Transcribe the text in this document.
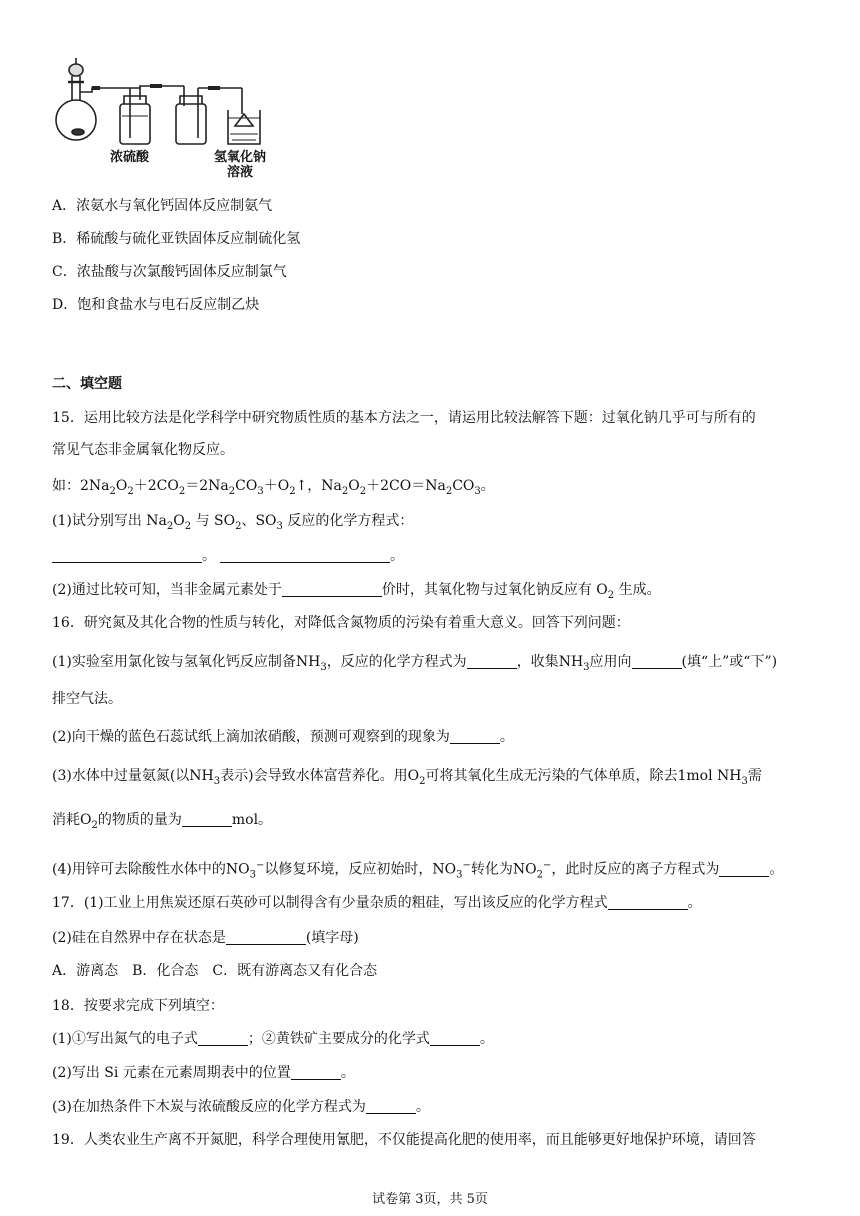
浓硫酸	氢氧化钠
溶液
A．浓氨水与氧化钙固体反应制氨气
B．稀硫酸与硫化亚铁固体反应制硫化氢
C．浓盐酸与次氯酸钙固体反应制氯气
D．饱和食盐水与电石反应制乙炔
二、填空题
15．运用比较方法是化学科学中研究物质性质的基本方法之一，请运用比较法解答下题：过氧化钠几乎可与所有的
常见气态非金属氧化物反应。
如：$2Na_2O_2+2CO_2=2Na_2CO_3+O_2↑$，$Na_2O_2+2CO=Na_2CO_3$。
(1)试分别写出 $Na_2O_2$ 与 $SO_2$、$SO_3$ 反应的化学方程式：
。	。
(2)通过比较可知，当非金属元素处于	价时，其氧化物与过氧化钠反应有 $O_2$ 生成。
16．研究氮及其化合物的性质与转化，对降低含氮物质的污染有着重大意义。回答下列问题：
(1)实验室用氯化铵与氢氧化钙反应制备$NH_3$，反应的化学方程式为	，收集$NH_3$应用向	(填“上”或“下”)
排空气法。
(2)向干燥的蓝色石蕊试纸上滴加浓硝酸，预测可观察到的现象为	。
(3)水体中过量氨氮(以$NH_3$表示)会导致水体富营养化。用$O_2$可将其氧化生成无污染的气体单质，除去1mol $NH_3$需
消耗$O_2$的物质的量为	mol。
(4)用锌可去除酸性水体中的$NO_3^-$以修复环境，反应初始时，$NO_3^-$转化为$NO_2^-$，此时反应的离子方程式为	。
17．(1)工业上用焦炭还原石英砂可以制得含有少量杂质的粗硅，写出该反应的化学方程式	。
(2)硅在自然界中存在状态是	(填字母)
A．游离态　B．化合态　C．既有游离态又有化合态
18．按要求完成下列填空：
(1)①写出氮气的电子式	；②黄铁矿主要成分的化学式	。
(2)写出 Si 元素在元素周期表中的位置	。
(3)在加热条件下木炭与浓硫酸反应的化学方程式为	。
19．人类农业生产离不开氮肥，科学合理使用氰肥，不仅能提高化肥的使用率，而且能够更好地保护环境，请回答
试卷第 3页，共 5页
